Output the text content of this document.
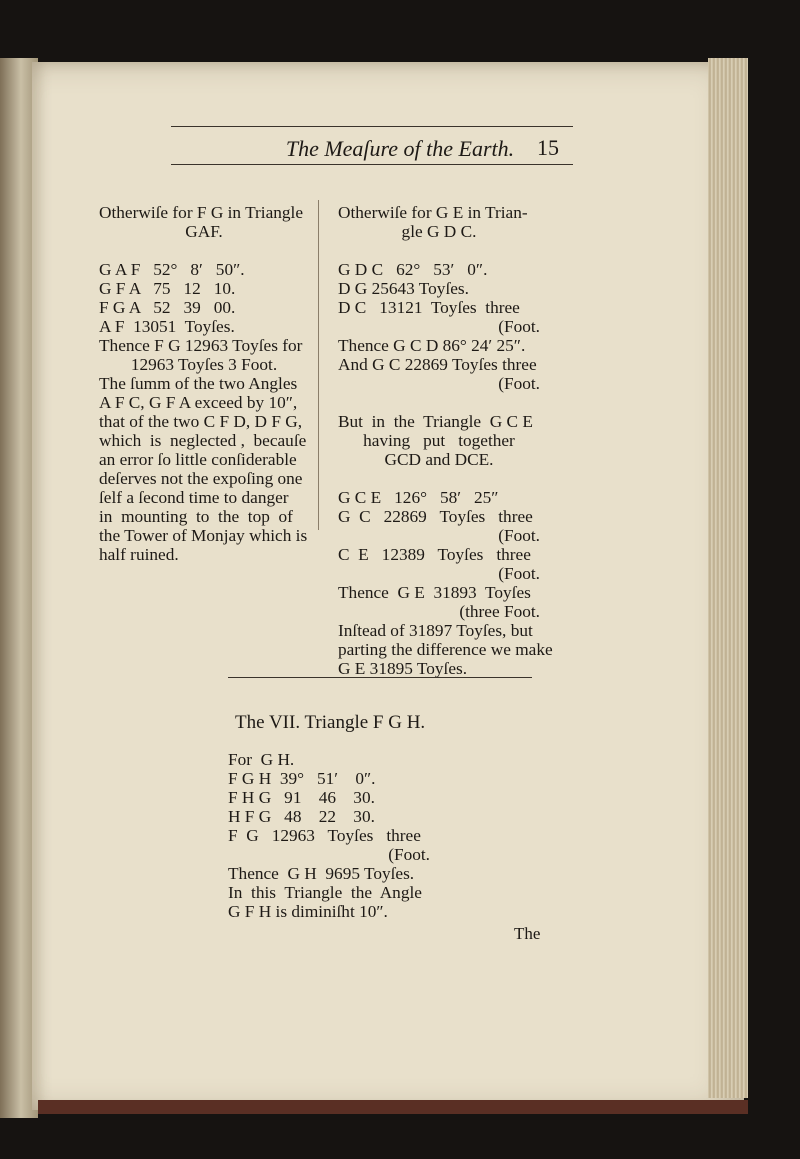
The Meaſure of the Earth.	15
Otherwiſe for F G in Triangle
GAF.
G A F   52°   8′   50″.
G F A   75   12   10.
F G A   52   39   00.
A F  13051  Toyſes.
Thence F G 12963 Toyſes for
12963 Toyſes 3 Foot.
The ſumm of the two Angles
A F C, G F A exceed by 10″,
that of the two C F D, D F G,
which  is  neglected ,  becauſe
an error ſo little conſiderable
deſerves not the expoſing one
ſelf a ſecond time to danger
in  mounting  to  the  top  of
the Tower of Monjay which is
half ruined.
Otherwiſe for G E in Trian-
gle G D C.
G D C   62°   53′   0″.
D G 25643 Toyſes.
D C   13121  Toyſes  three
(Foot.
Thence G C D 86° 24′ 25″.
And G C 22869 Toyſes three
(Foot.
But  in  the  Triangle  G C E
having   put   together
GCD and DCE.
G C E   126°   58′   25″
G  C   22869   Toyſes   three
(Foot.
C  E   12389   Toyſes   three
(Foot.
Thence  G E  31893  Toyſes
(three Foot.
Inſtead of 31897 Toyſes, but
parting the difference we make
G E 31895 Toyſes.
The VII. Triangle F G H.
For  G H.
F G H  39°   51′    0″.
F H G   91    46    30.
H F G   48    22    30.
F  G   12963   Toyſes   three
(Foot.
Thence  G H  9695 Toyſes.
In  this  Triangle  the  Angle
G F H is diminiſht 10″.
The
